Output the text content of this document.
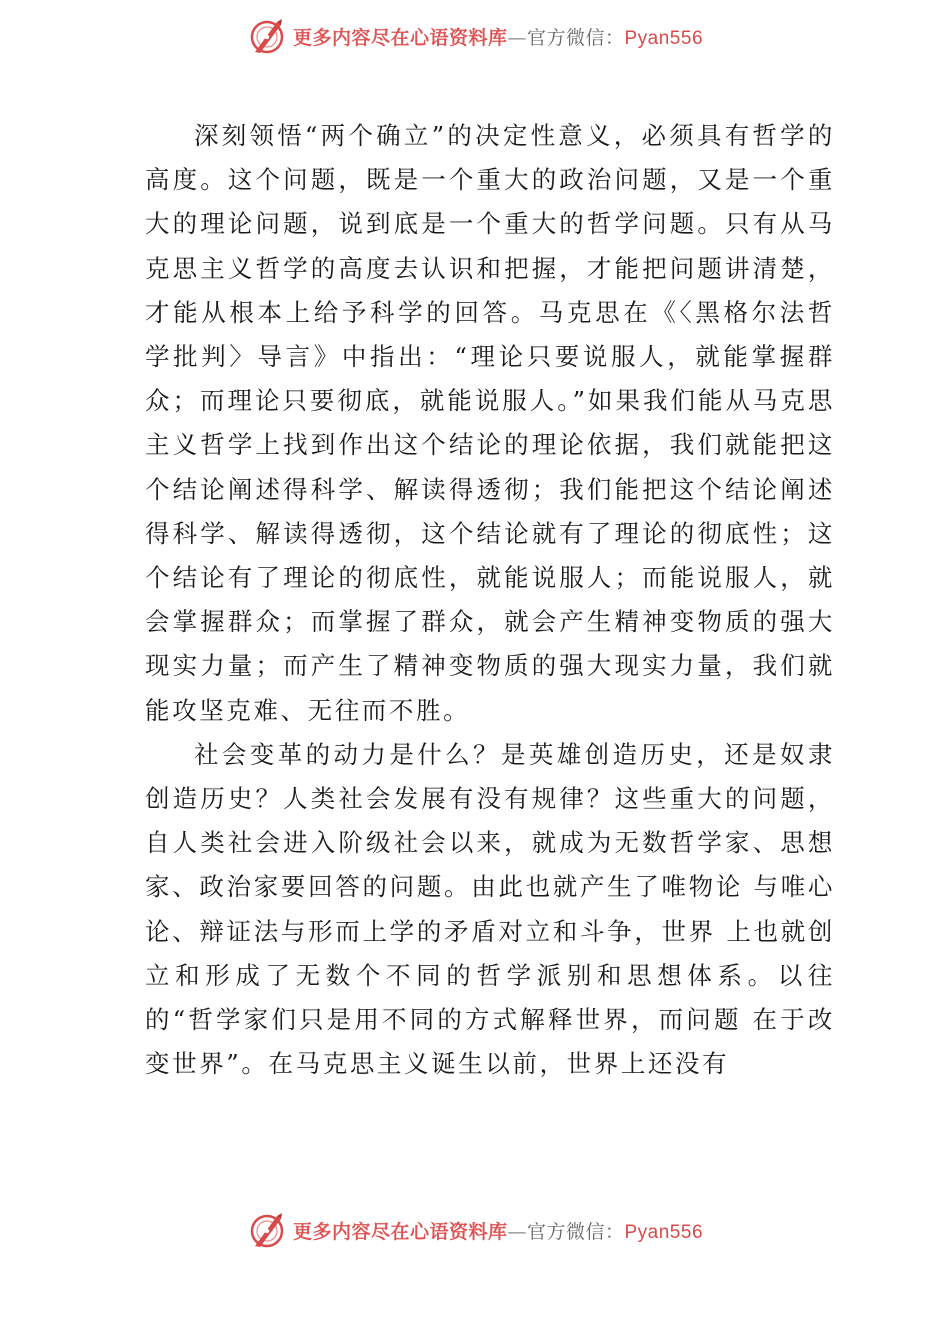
更多内容尽在心语资料库—官方微信：Pyan556

深刻领悟“两个确立”的决定性意义，必须具有哲学的高度。这个问题，既是一个重大的政治问题，又是一个重大的理论问题，说到底是一个重大的哲学问题。只有从马克思主义哲学的高度去认识和把握，才能把问题讲清楚，才能从根本上给予科学的回答。马克思在《〈黑格尔法哲学批判〉导言》中指出：“理论只要说服人，就能掌握群众；而理论只要彻底，就能说服人。”如果我们能从马克思主义哲学上找到作出这个结论的理论依据，我们就能把这个结论阐述得科学、解读得透彻；我们能把这个结论阐述得科学、解读得透彻，这个结论就有了理论的彻底性；这个结论有了理论的彻底性，就能说服人；而能说服人，就会掌握群众；而掌握了群众，就会产生精神变物质的强大现实力量；而产生了精神变物质的强大现实力量，我们就能攻坚克难、无往而不胜。

社会变革的动力是什么？是英雄创造历史，还是奴隶创造历史？人类社会发展有没有规律？这些重大的问题，自人类社会进入阶级社会以来，就成为无数哲学家、思想家、政治家要回答的问题。由此也就产生了唯物论 与唯心论、辩证法与形而上学的矛盾对立和斗争，世界 上也就创立和形成了无数个不同的哲学派别和思想体系。以往的“哲学家们只是用不同的方式解释世界，而问题 在于改变世界”。在马克思主义诞生以前，世界上还没有

更多内容尽在心语资料库—官方微信：Pyan556
